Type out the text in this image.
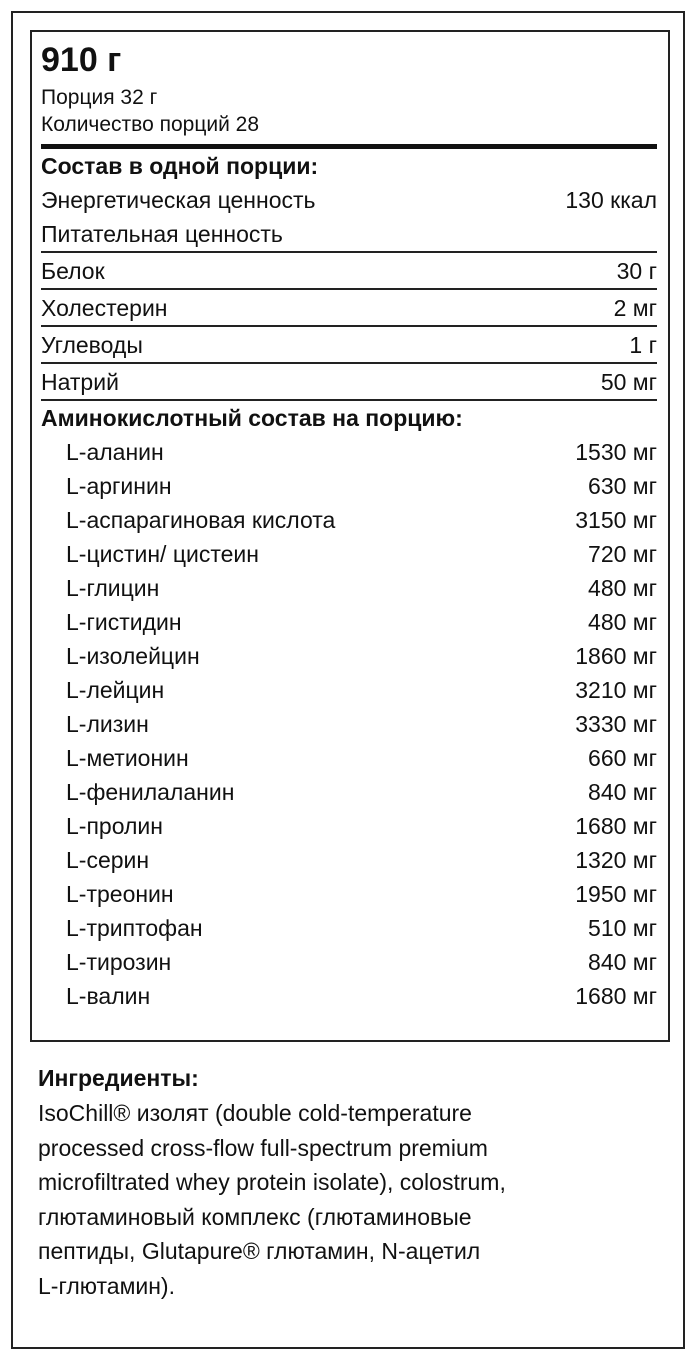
910 г
Порция 32 г
Количество порций 28
Состав в одной порции:
Энергетическая ценность	130 ккал
Питательная ценность
Белок	30 г
Холестерин	2 мг
Углеводы	1 г
Натрий	50 мг
Аминокислотный состав на порцию:
L-аланин	1530 мг
L-аргинин	630 мг
L-аспарагиновая кислота	3150 мг
L-цистин/ цистеин	720 мг
L-глицин	480 мг
L-гистидин	480 мг
L-изолейцин	1860 мг
L-лейцин	3210 мг
L-лизин	3330 мг
L-метионин	660 мг
L-фенилаланин	840 мг
L-пролин	1680 мг
L-серин	1320 мг
L-треонин	1950 мг
L-триптофан	510 мг
L-тирозин	840 мг
L-валин	1680 мг
Ингредиенты:
IsoChill® изолят (double cold-temperature
processed cross-flow full-spectrum premium
microfiltrated whey protein isolate), colostrum,
глютаминовый комплекс (глютаминовые
пептиды, Glutapure® глютамин, N-ацетил
L-глютамин).
